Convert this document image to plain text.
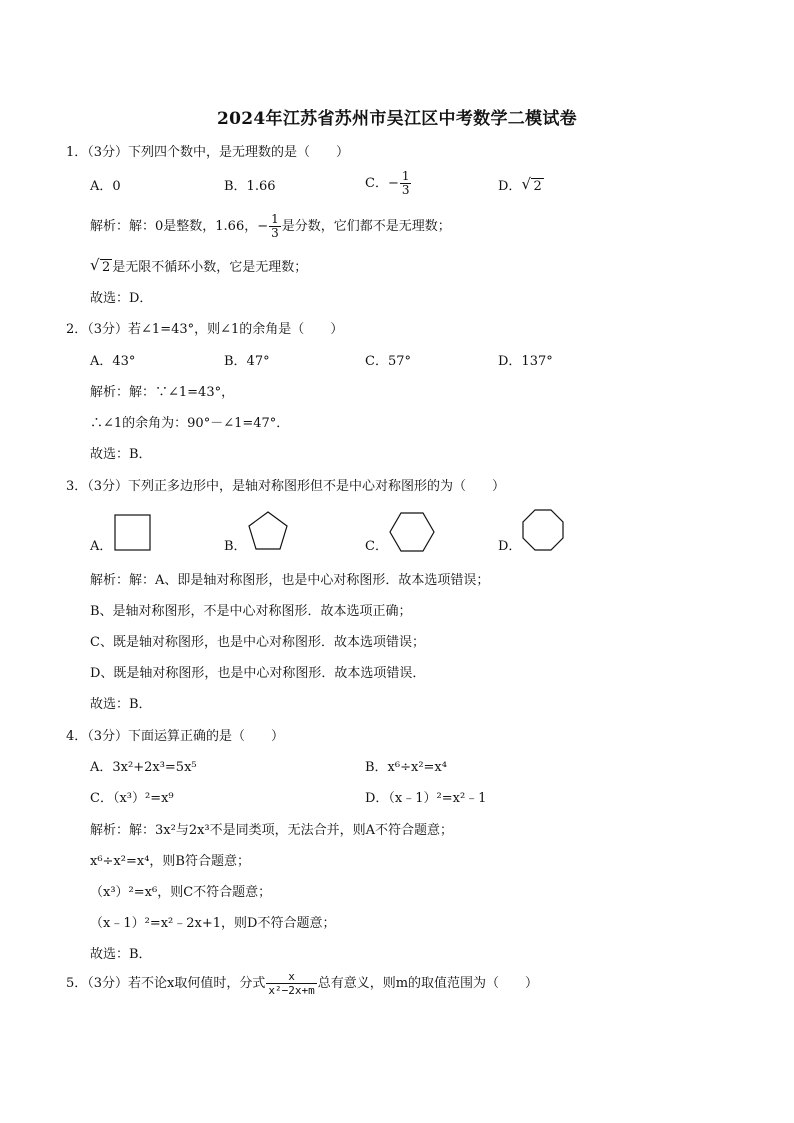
2024年江苏省苏州市吴江区中考数学二模试卷
1．（3分）下列四个数中，是无理数的是（　　）
A．0	B．1.66	C．− $\frac{1}{3}$	D． √ 2
解析：解：0是整数，1.66，− $\frac{1}{3}$ 是分数，它们都不是无理数；
√ 2 是无限不循环小数，它是无理数；
故选：D．
2．（3分）若∠1=43°，则∠1的余角是（　　）
A．43°	B．47°	C．57°	D．137°
解析：解：∵∠1=43°，
∴∠1的余角为：90°－∠1=47°．
故选：B．
3．（3分）下列正多边形中，是轴对称图形但不是中心对称图形的为（　　）
A．	B．	C．	D．
解析：解：A、即是轴对称图形，也是中心对称图形．故本选项错误；
B、是轴对称图形，不是中心对称图形．故本选项正确；
C、既是轴对称图形，也是中心对称图形．故本选项错误；
D、既是轴对称图形，也是中心对称图形．故本选项错误．
故选：B．
4．（3分）下面运算正确的是（　　）
A．3x²+2x³=5x⁵	B．x⁶÷x²=x⁴
C．（x³）²=x⁹	D．（x﹣1）²=x²﹣1
解析：解：3x²与2x³不是同类项，无法合并，则A不符合题意；
x⁶÷x²=x⁴，则B符合题意；
（x³）²=x⁶，则C不符合题意；
（x﹣1）²=x²﹣2x+1，则D不符合题意；
故选：B．
5．（3分）若不论x取何值时，分式 $\frac{x}{\text{x²−2x+m}}$ 总有意义，则m的取值范围为（　　）
